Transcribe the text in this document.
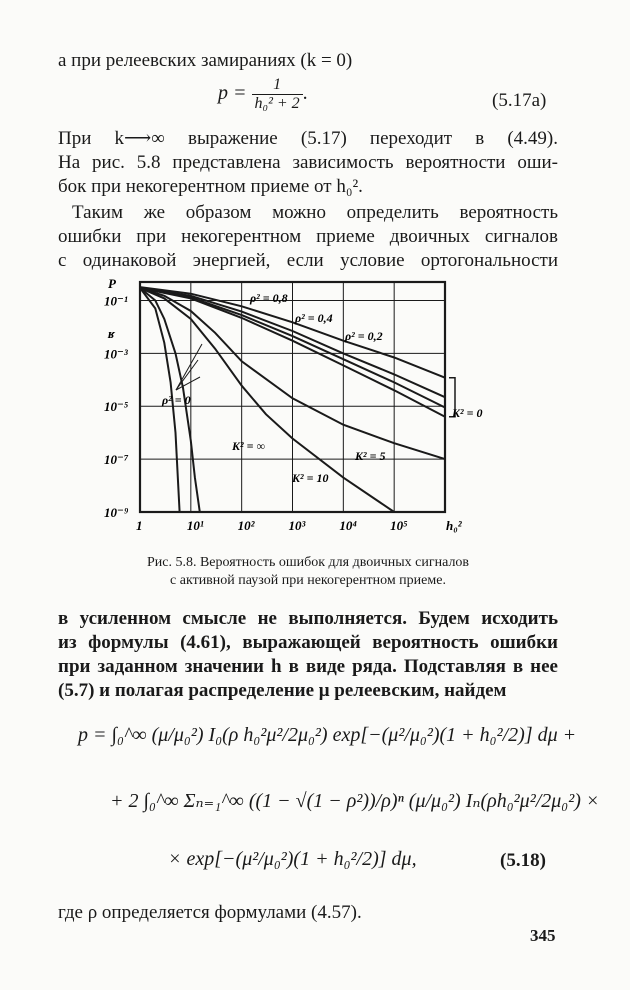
а при релеевских замираниях (k = 0)
$p = \frac{1}{\text{h₀² + 2}}$ .	(5.17а)
При k⟶∞ выражение (5.17) переходит в (4.49).
На рис. 5.8 представлена зависимость вероятности оши-
бок при некогерентном приеме от h₀².
Таким же образом можно определить вероятность
ошибки при некогерентном приеме двоичных сигналов
с одинаковой энергией, если условие ортогональности
1	10¹	10²	10³	10⁴	10⁵	h₀²
10⁻¹
10⁻³
10⁻⁵
10⁻⁷
10⁻⁹
P
ʁ
ρ² = 0,8
ρ² = 0,4
ρ² = 0,2
ρ² = 0
K² = 0
K² = ∞
K² = 5
K² = 10
Рис. 5.8. Вероятность ошибок для двоичных сигналов
с активной паузой при некогерентном приеме.
в усиленном смысле не выполняется. Будем исходить
из формулы (4.61), выражающей вероятность ошибки
при заданном значении h в виде ряда. Подставляя в нее
(5.7) и полагая распределение μ релеевским, найдем
p = ∫₀^∞ (μ/μ₀²) I₀(ρ h₀²μ²/2μ₀²) exp[−(μ²/μ₀²)(1 + h₀²/2)] dμ +
+ 2 ∫₀^∞ Σₙ₌₁^∞ ((1 − √(1 − ρ²))/ρ)ⁿ (μ/μ₀²) Iₙ(ρh₀²μ²/2μ₀²) ×
× exp[−(μ²/μ₀²)(1 + h₀²/2)] dμ,	(5.18)
где ρ определяется формулами (4.57).
345
